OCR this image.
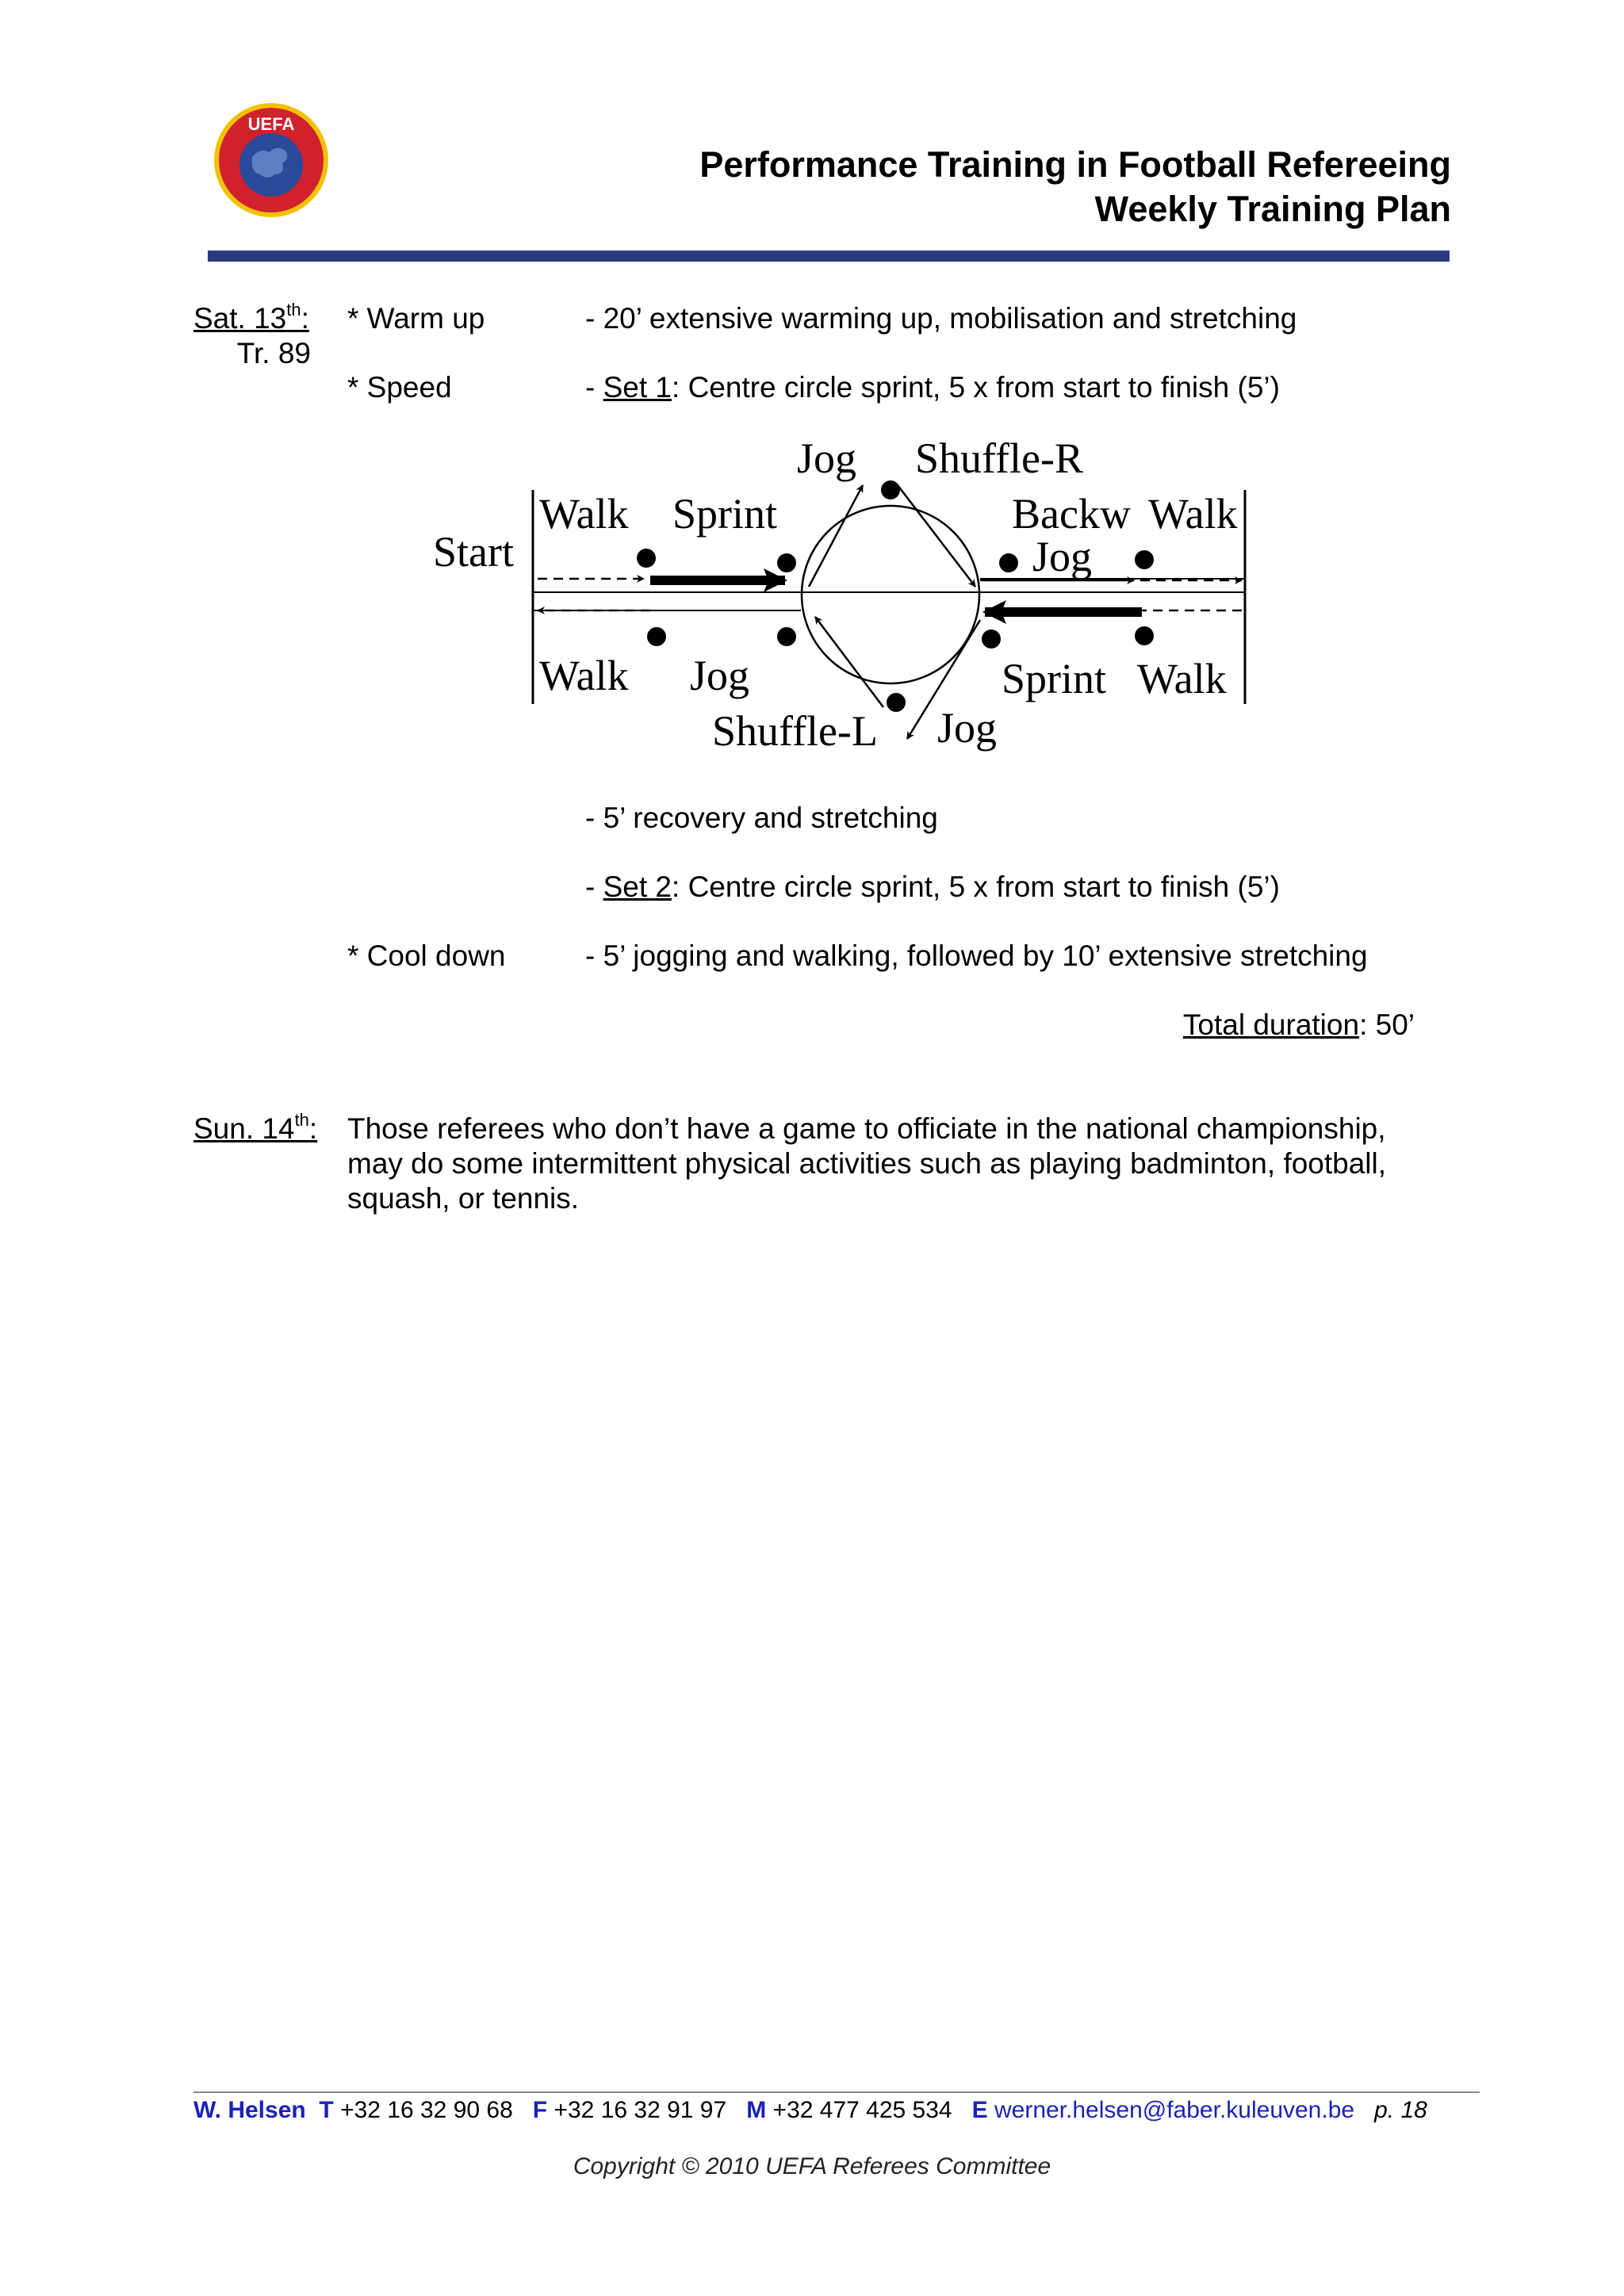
UEFA
Performance Training in Football Refereeing
Weekly Training Plan
Sat. 13th:
Tr. 89
* Warm up	- 20’ extensive warming up, mobilisation and stretching
* Speed	- Set 1: Centre circle sprint, 5 x from start to finish (5’)
Start
Walk Sprint
Jog Shuffle-R
Backw Walk
Jog
Walk Jog	Sprint Walk
Shuffle-L Jog
- 5’ recovery and stretching
- Set 2: Centre circle sprint, 5 x from start to finish (5’)
* Cool down	- 5’ jogging and walking, followed by 10’ extensive stretching
Total duration: 50’
Sun. 14th: Those referees who don’t have a game to officiate in the national championship,
may do some intermittent physical activities such as playing badminton, football,
squash, or tennis.
W. Helsen T +32 16 32 90 68 F +32 16 32 91 97 M +32 477 425 534 E werner.helsen@faber.kuleuven.be p. 18
Copyright © 2010 UEFA Referees Committee
